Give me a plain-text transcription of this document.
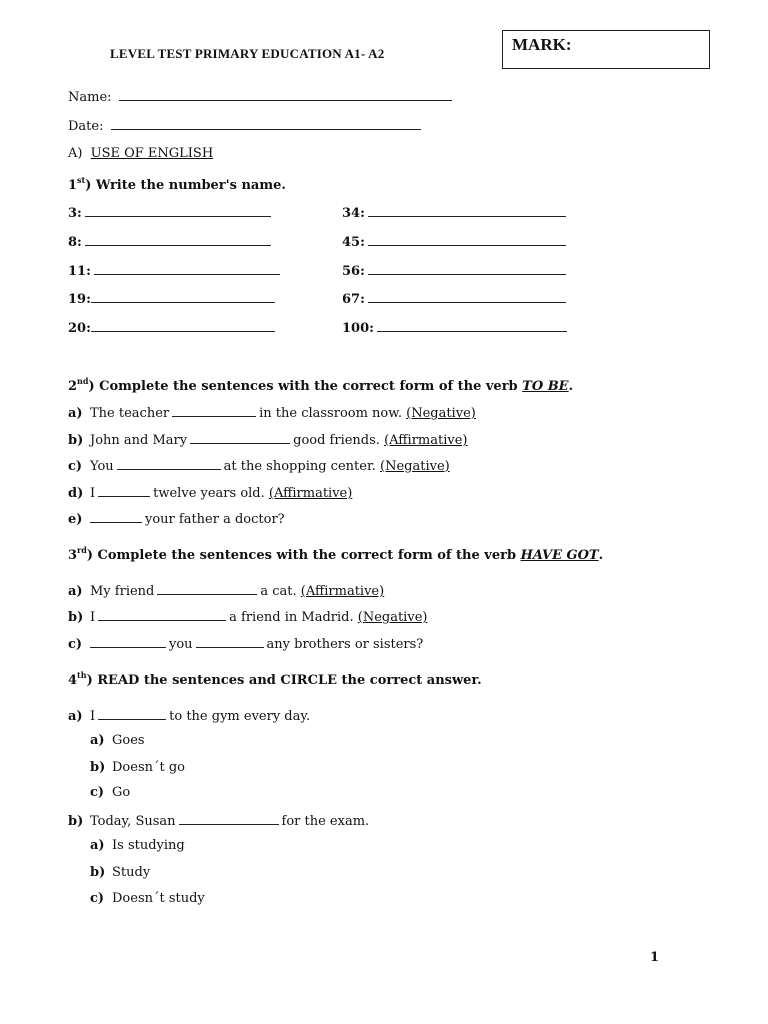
LEVEL TEST PRIMARY EDUCATION A1- A2	MARK:
Name:
Date:
A) USE OF ENGLISH
1st) Write the number's name.
3:
8:
11:
19:
20:
34:
45:
56:
67:
100:
2nd) Complete the sentences with the correct form of the verb TO BE.
a) The teacher	in the classroom now. (Negative)
b) John and Mary	good friends. (Affirmative)
c) You	at the shopping center. (Negative)
d) I	twelve years old. (Affirmative)
e)	your father a doctor?
3rd) Complete the sentences with the correct form of the verb HAVE GOT.
a) My friend	a cat. (Affirmative)
b) I	a friend in Madrid. (Negative)
c)	you	any brothers or sisters?
4th) READ the sentences and CIRCLE the correct answer.
a) I	to the gym every day.
a) Goes
b) Doesn´t go
c) Go
b) Today, Susan	for the exam.
a) Is studying
b) Study
c) Doesn´t study
1
